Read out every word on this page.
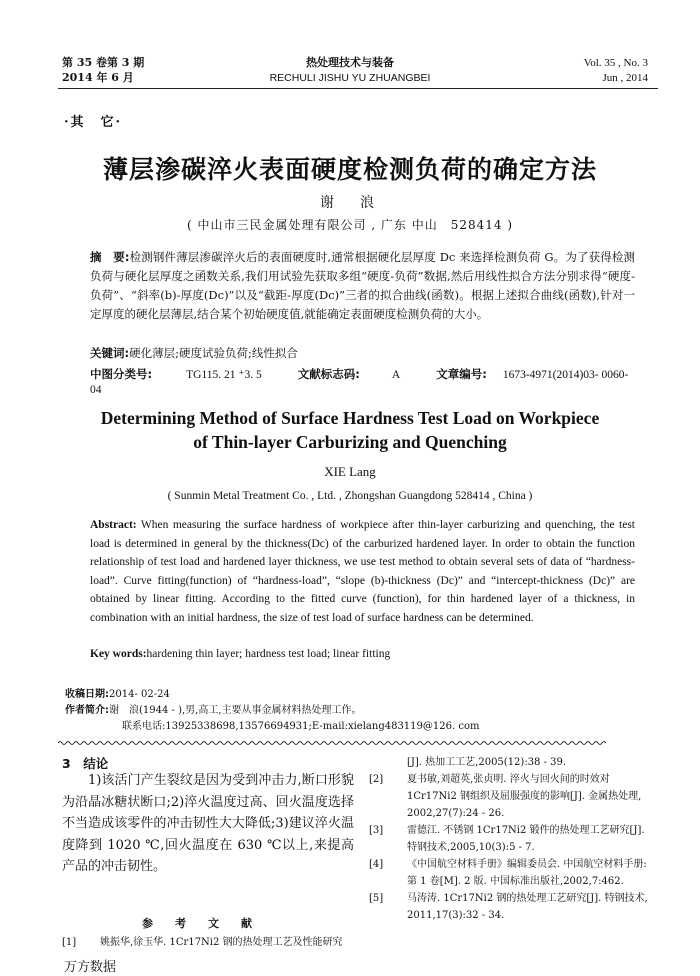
第 35 卷第 3 期
2014 年 6 月
热处理技术与装备
RECHULI JISHU YU ZHUANGBEI
Vol. 35 , No. 3
Jun , 2014
·其　它·
薄层渗碳淬火表面硬度检测负荷的确定方法
谢　浪
( 中山市三民金属处理有限公司 , 广东 中山　528414 )
摘　要:检测钢件薄层渗碳淬火后的表面硬度时,通常根据硬化层厚度 Dc 来选择检测负荷 G。为了获得检测负荷与硬化层厚度之函数关系,我们用试验先获取多组“硬度-负荷”数据,然后用线性拟合方法分别求得“硬度-负荷”、“斜率(b)-厚度(Dc)”以及“截距-厚度(Dc)”三者的拟合曲线(函数)。根据上述拟合曲线(函数),针对一定厚度的硬化层薄层,结合某个初始硬度值,就能确定表面硬度检测负荷的大小。
关键词:硬化薄层;硬度试验负荷;线性拟合
中图分类号:	TG115. 21 ⁺3. 5	文献标志码:	A	文章编号: 1673-4971(2014)03- 0060- 04
Determining Method of Surface Hardness Test Load on Workpiece
of Thin-layer Carburizing and Quenching
XIE Lang
( Sunmin Metal Treatment Co. , Ltd. , Zhongshan Guangdong 528414 , China )
Abstract: When measuring the surface hardness of workpiece after thin-layer carburizing and quenching, the test load is determined in general by the thickness(Dc) of the carburized hardened layer. In order to obtain the function relationship of test load and hardened layer thickness, we use test method to obtain several sets of data of “hardness-load”. Curve fitting(function) of “hardness-load”, “slope (b)-thickness (Dc)” and “intercept-thickness (Dc)” are obtained by linear fitting. According to the fitted curve (function), for thin hardened layer of a thickness, in combination with an initial hardness, the size of test load of surface hardness can be determined.
Key words:hardening thin layer; hardness test load; linear fitting
收稿日期:2014- 02-24
作者简介:谢　浪(1944 - ),男,高工,主要从事金属材料热处理工作。
联系电话:13925338698,13576694931;E-mail:xielang483119@126. com
3　结论
1)该活门产生裂纹是因为受到冲击力,断口形貌为沿晶冰糖状断口;2)淬火温度过高、回火温度选择不当造成该零件的冲击韧性大大降低;3)建议淬火温度降到 1020 ℃,回火温度在 630 ℃以上,来提高产品的冲击韧性。
参考文献
[1]	姚振华,徐玉华. 1Cr17Ni2 钢的热处理工艺及性能研究
[J]. 热加工工艺,2005(12):38 - 39.
[2]	夏书敏,刘超英,张贞明. 淬火与回火间的时效对 1Cr17Ni2 钢组织及屈服强度的影响[J]. 金属热处理, 2002,27(7):24 - 26.
[3]	雷德江. 不锈钢 1Cr17Ni2 锻件的热处理工艺研究[J]. 特钢技术,2005,10(3):5 - 7.
[4]	《中国航空材料手册》编辑委员会. 中国航空材料手册: 第 1 卷[M]. 2 版. 中国标准出版社,2002,7:462.
[5]	马涛涛. 1Cr17Ni2 钢的热处理工艺研究[J]. 特钢技术, 2011,17(3):32 - 34.
万方数据
